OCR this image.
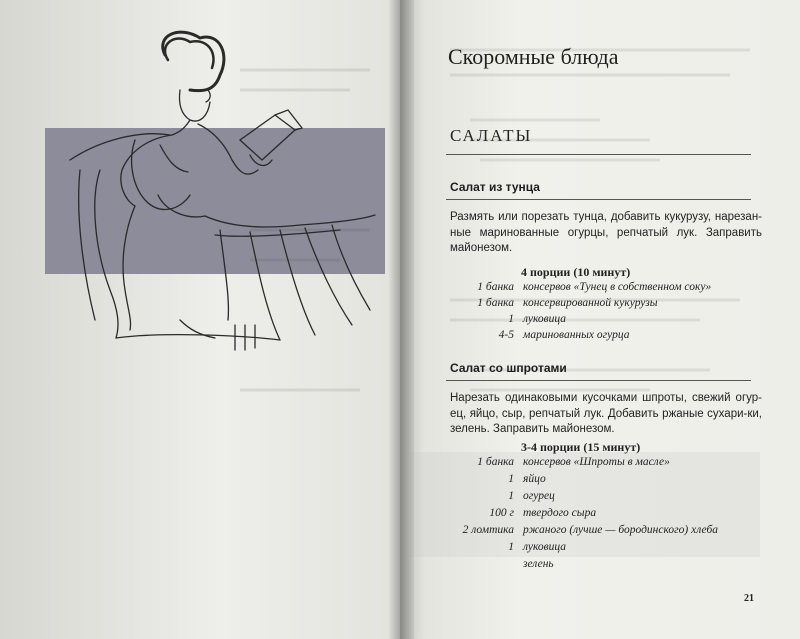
Скоромные блюда
САЛАТЫ
Салат из тунца

Размять или порезать тунца, добавить кукурузу, нарезан-ные маринованные огурцы, репчатый лук. Заправить майонезом.

4 порции (10 минут)
1 банка консервов «Тунец в собственном соку»
1 банка консервированной кукурузы
1 луковица
4-5 маринованных огурца
Салат со шпротами

Нарезать одинаковыми кусочками шпроты, свежий огур-ец, яйцо, сыр, репчатый лук. Добавить ржаные сухари-ки, зелень. Заправить майонезом.

3-4 порции (15 минут)
1 банка консервов «Шпроты в масле»
1 яйцо
1 огурец
100 г твердого сыра
2 ломтика ржаного (лучше — бородинского) хлеба
1 луковица
зелень
21
